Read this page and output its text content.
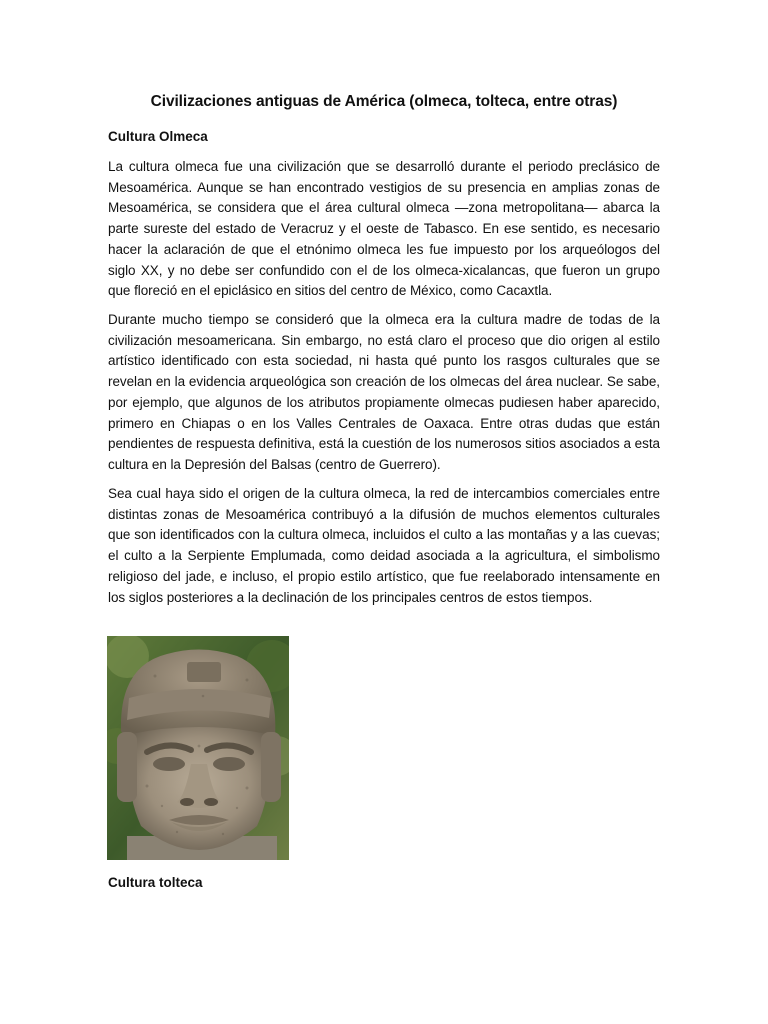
Civilizaciones antiguas de América (olmeca, tolteca, entre otras)
Cultura Olmeca

La cultura olmeca fue una civilización que se desarrolló durante el periodo preclásico de Mesoamérica. Aunque se han encontrado vestigios de su presencia en amplias zonas de Mesoamérica, se considera que el área cultural olmeca —zona metropolitana— abarca la parte sureste del estado de Veracruz y el oeste de Tabasco. En ese sentido, es necesario hacer la aclaración de que el etnónimo olmeca les fue impuesto por los arqueólogos del siglo XX, y no debe ser confundido con el de los olmeca-xicalancas, que fueron un grupo que floreció en el epiclásico en sitios del centro de México, como Cacaxtla.

Durante mucho tiempo se consideró que la olmeca era la cultura madre de todas de la civilización mesoamericana. Sin embargo, no está claro el proceso que dio origen al estilo artístico identificado con esta sociedad, ni hasta qué punto los rasgos culturales que se revelan en la evidencia arqueológica son creación de los olmecas del área nuclear. Se sabe, por ejemplo, que algunos de los atributos propiamente olmecas pudiesen haber aparecido, primero en Chiapas o en los Valles Centrales de Oaxaca. Entre otras dudas que están pendientes de respuesta definitiva, está la cuestión de los numerosos sitios asociados a esta cultura en la Depresión del Balsas (centro de Guerrero).

Sea cual haya sido el origen de la cultura olmeca, la red de intercambios comerciales entre distintas zonas de Mesoamérica contribuyó a la difusión de muchos elementos culturales que son identificados con la cultura olmeca, incluidos el culto a las montañas y a las cuevas; el culto a la Serpiente Emplumada, como deidad asociada a la agricultura, el simbolismo religioso del jade, e incluso, el propio estilo artístico, que fue reelaborado intensamente en los siglos posteriores a la declinación de los principales centros de estos tiempos.

Cultura tolteca
